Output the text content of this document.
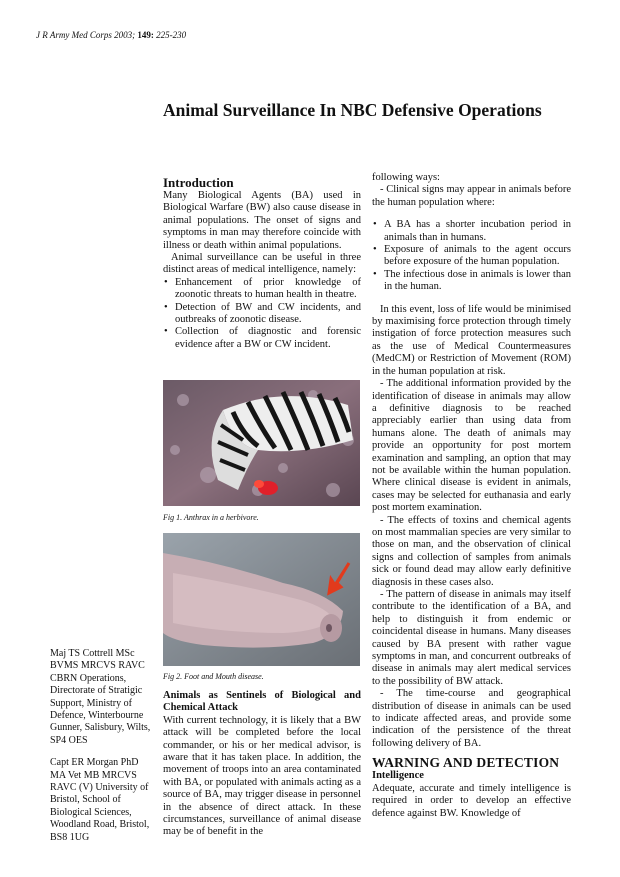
J R Army Med Corps 2003; 149: 225-230
Animal Surveillance In NBC Defensive Operations
Introduction

Many Biological Agents (BA) used in Biological Warfare (BW) also cause disease in animal populations. The onset of signs and symptoms in man may therefore coincide with illness or death within animal populations.

Animal surveillance can be useful in three distinct areas of medical intelligence, namely:

• Enhancement of prior knowledge of zoonotic threats to human health in theatre.
• Detection of BW and CW incidents, and outbreaks of zoonotic disease.
• Collection of diagnostic and forensic evidence after a BW or CW incident.
Fig 1. Anthrax in a herbivore.
Fig 2. Foot and Mouth disease.
Animals as Sentinels of Biological and Chemical Attack

With current technology, it is likely that a BW attack will be completed before the local commander, or his or her medical advisor, is aware that it has taken place. In addition, the movement of troops into an area contaminated with BA, or populated with animals acting as a source of BA, may trigger disease in personnel in the absence of direct attack. In these circumstances, surveillance of animal disease may be of benefit in the

following ways:

- Clinical signs may appear in animals before the human population where:

• A BA has a shorter incubation period in animals than in humans.
• Exposure of animals to the agent occurs before exposure of the human population.
• The infectious dose in animals is lower than in the human.

In this event, loss of life would be minimised by maximising force protection through timely instigation of force protection measures such as the use of Medical Countermeasures (MedCM) or Restriction of Movement (ROM) in the human population at risk.

- The additional information provided by the identification of disease in animals may allow a definitive diagnosis to be reached appreciably earlier than using data from humans alone. The death of animals may provide an opportunity for post mortem examination and sampling, an option that may not be available within the human population. Where clinical disease is evident in animals, cases may be selected for euthanasia and early post mortem examination.

- The effects of toxins and chemical agents on most mammalian species are very similar to those on man, and the observation of clinical signs and collection of samples from animals sick or found dead may allow early definitive diagnosis in these cases also.

- The pattern of disease in animals may itself contribute to the identification of a BA, and help to distinguish it from endemic or coincidental disease in humans. Many diseases caused by BA present with rather vague symptoms in man, and concurrent outbreaks of disease in animals may alert medical services to the possibility of BW attack.

- The time-course and geographical distribution of disease in animals can be used to indicate affected areas, and provide some indication of the persistence of the threat following delivery of BA.

WARNING AND DETECTION
Intelligence

Adequate, accurate and timely intelligence is required in order to develop an effective defence against BW. Knowledge of

Maj TS Cottrell MSc BVMS MRCVS RAVC CBRN Operations, Directorate of Stratigic Support, Ministry of Defence, Winterbourne Gunner, Salisbury, Wilts, SP4 OES

Capt ER Morgan PhD MA Vet MB MRCVS RAVC (V) University of Bristol, School of Biological Sciences, Woodland Road, Bristol, BS8 1UG
